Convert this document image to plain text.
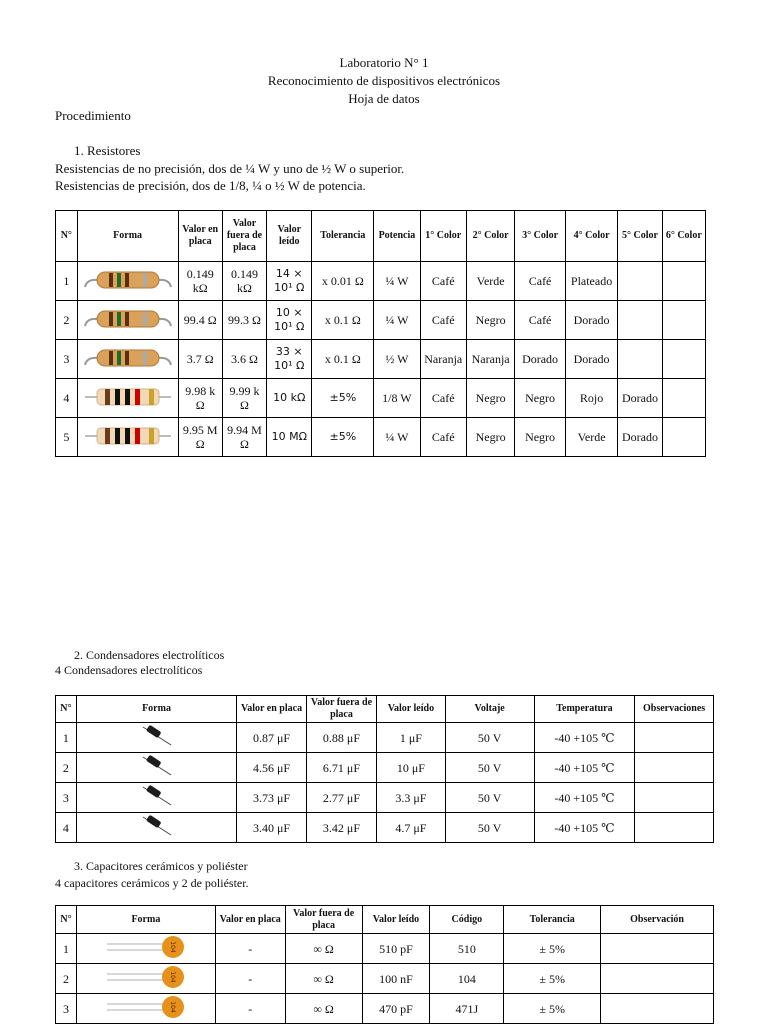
Laboratorio N° 1
Reconocimiento de dispositivos electrónicos
Hoja de datos
Procedimiento
1. Resistores
Resistencias de no precisión, dos de ¼ W y uno de ½ W o superior.
Resistencias de precisión, dos de 1/8, ¼ o ½ W de potencia.
N°	Forma	Valor en placa	Valor fuera de placa	Valor leído	Tolerancia	Potencia	1° Color	2° Color	3° Color	4° Color	5° Color	6° Color
1		0.149 kΩ	0.149 kΩ	14 × 10¹ Ω	x 0.01 Ω	¼ W	Café	Verde	Café	Plateado		
2		99.4 Ω	99.3 Ω	10 × 10¹ Ω	x 0.1 Ω	¼ W	Café	Negro	Café	Dorado		
3		3.7 Ω	3.6 Ω	33 × 10¹ Ω	x 0.1 Ω	½ W	Naranja	Naranja	Dorado	Dorado		
4		9.98 k Ω	9.99 k Ω	10 kΩ	±5%	1/8 W	Café	Negro	Negro	Rojo	Dorado	
5		9.95 M Ω	9.94 M Ω	10 MΩ	±5%	¼ W	Café	Negro	Negro	Verde	Dorado	
2. Condensadores electrolíticos
4 Condensadores electrolíticos
N°	Forma	Valor en placa	Valor fuera de placa	Valor leído	Voltaje	Temperatura	Observaciones
1		0.87 μF	0.88 μF	1 μF	50 V	-40 +105 ℃	
2		4.56 μF	6.71 μF	10 μF	50 V	-40 +105 ℃	
3		3.73 μF	2.77 μF	3.3 μF	50 V	-40 +105 ℃	
4		3.40 μF	3.42 μF	4.7 μF	50 V	-40 +105 ℃	
3. Capacitores cerámicos y poliéster
4 capacitores cerámicos y 2 de poliéster.
N°	Forma	Valor en placa	Valor fuera de placa	Valor leído	Código	Tolerancia	Observación
1	104	-	∞ Ω	510 pF	510	± 5%	
2	104	-	∞ Ω	100 nF	104	± 5%	
3	104	-	∞ Ω	470 pF	471J	± 5%	
